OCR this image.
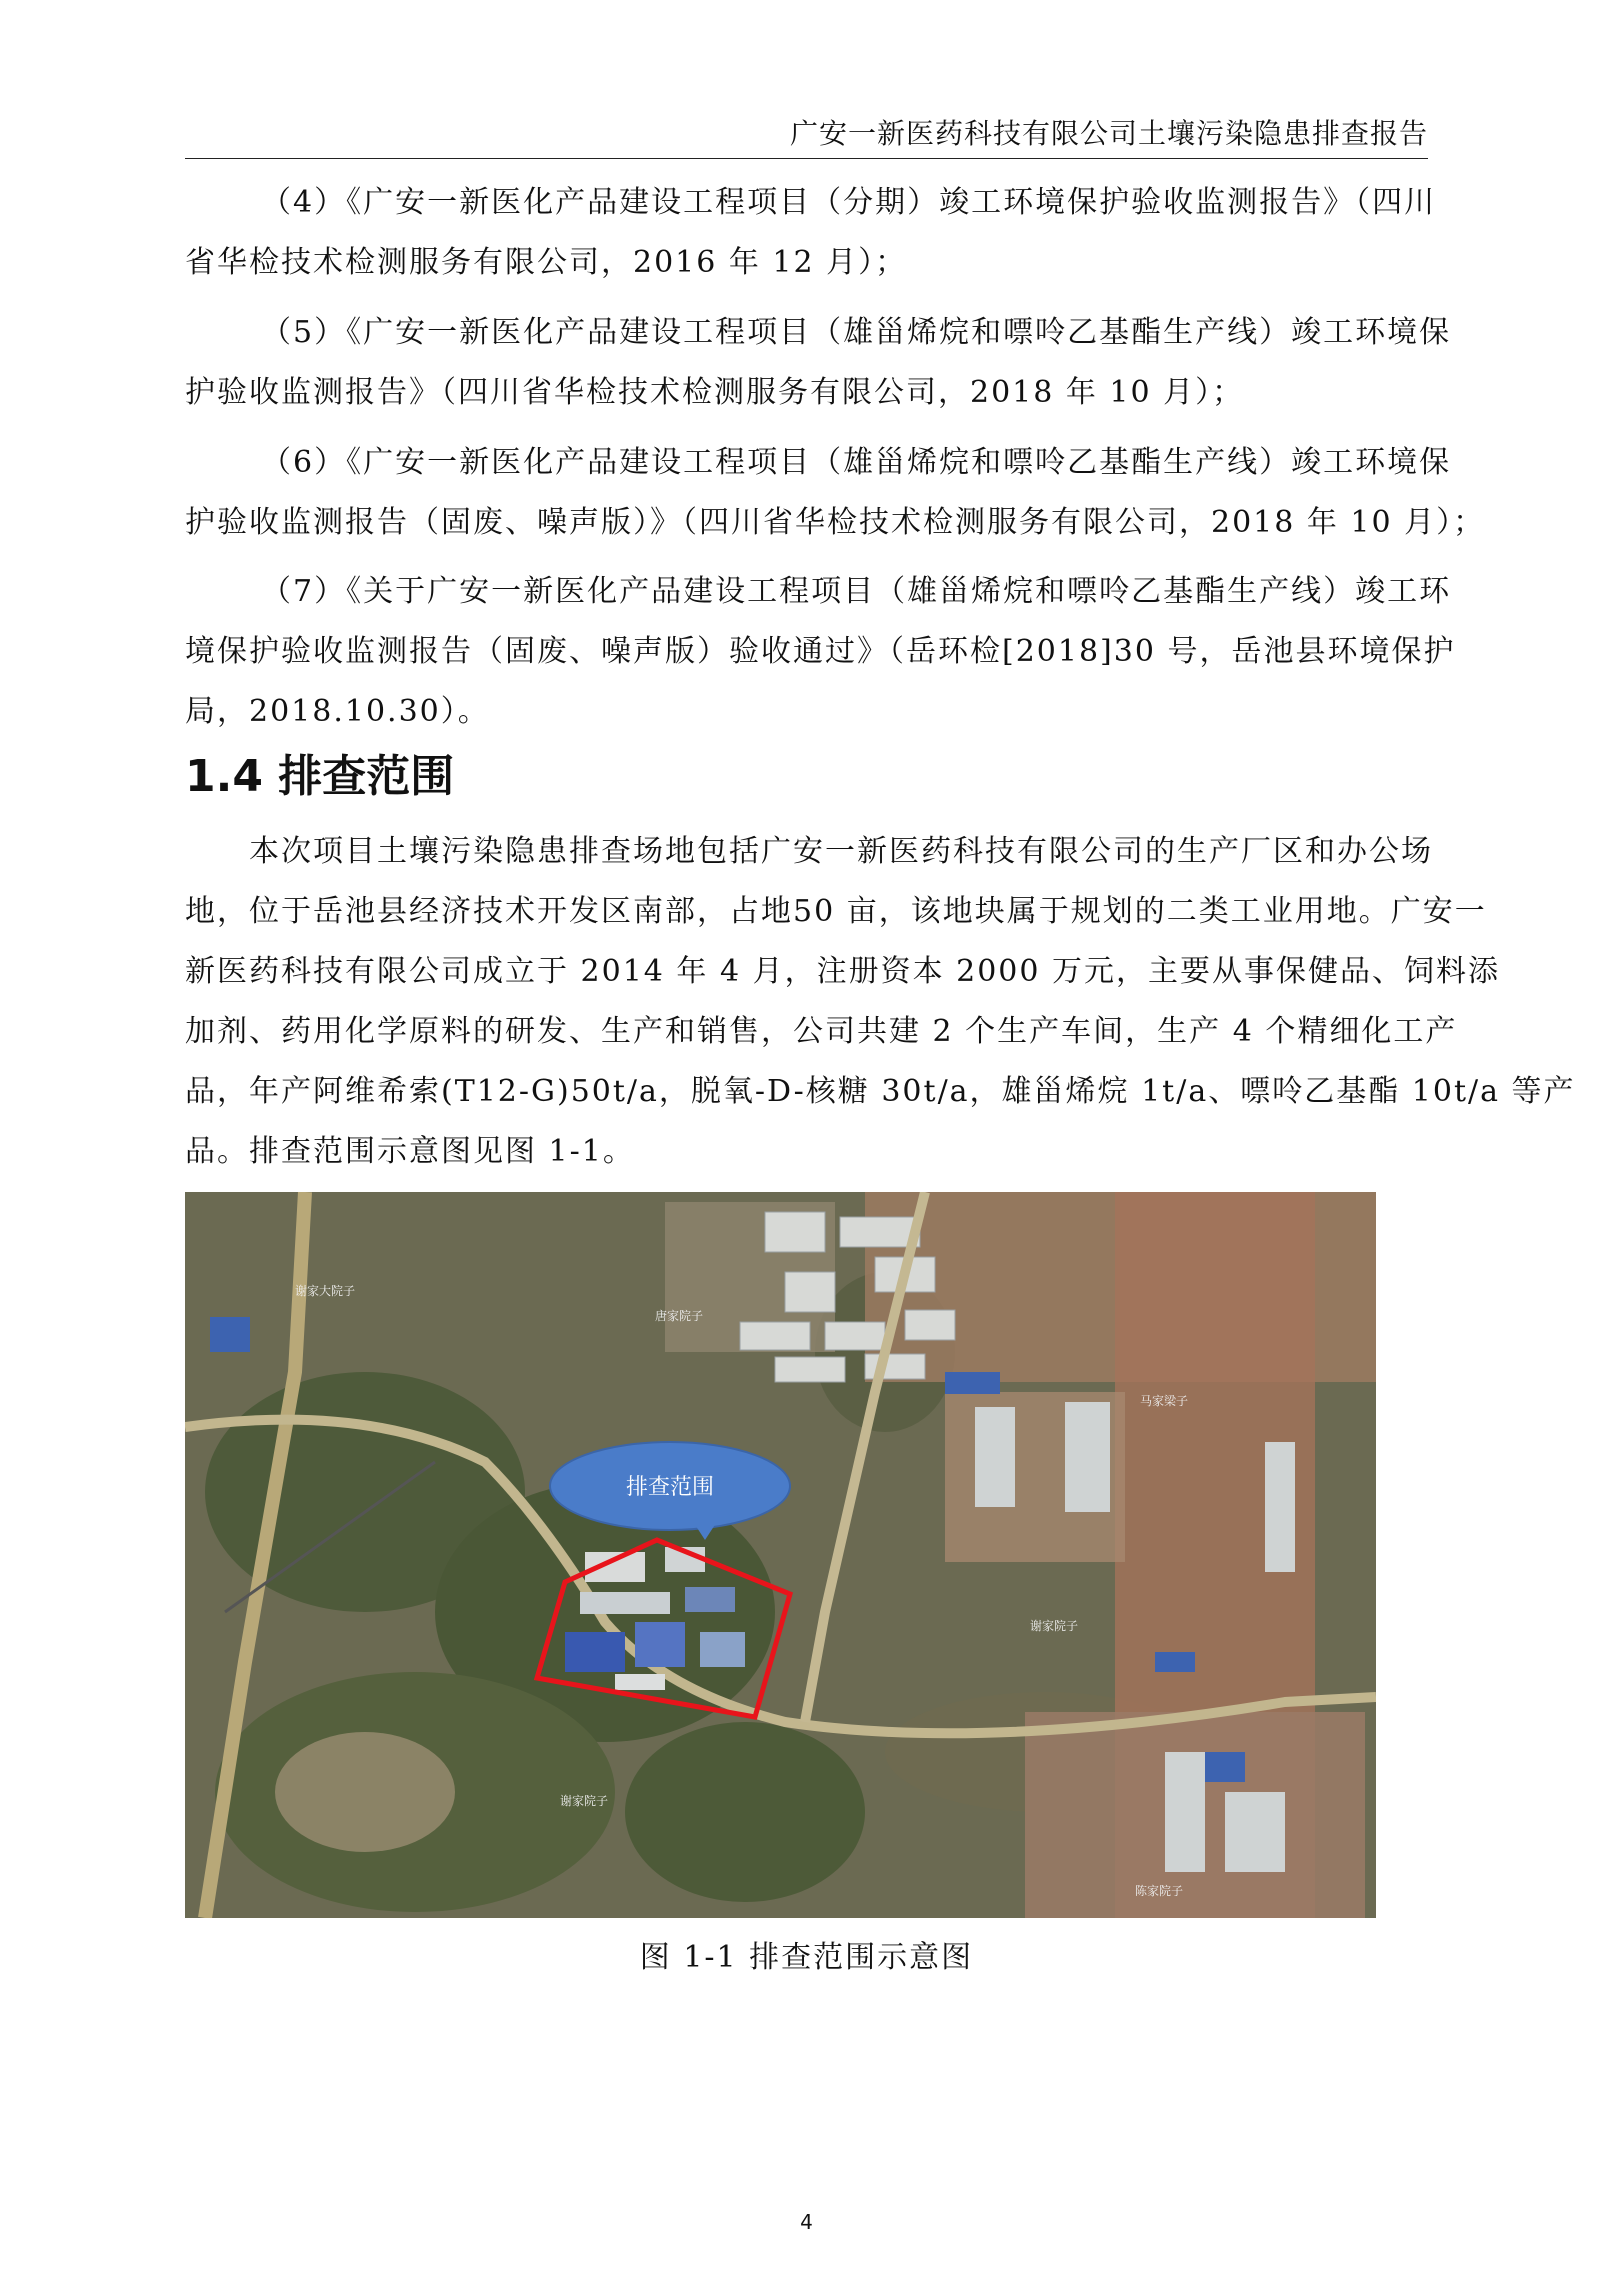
广安一新医药科技有限公司土壤污染隐患排查报告
（4）《广安一新医化产品建设工程项目（分期）竣工环境保护验收监测报告》（四川
省华检技术检测服务有限公司，2016 年 12 月）；
（5）《广安一新医化产品建设工程项目（雄甾烯烷和嘌呤乙基酯生产线）竣工环境保
护验收监测报告》（四川省华检技术检测服务有限公司，2018 年 10 月）；
（6）《广安一新医化产品建设工程项目（雄甾烯烷和嘌呤乙基酯生产线）竣工环境保
护验收监测报告（固废、噪声版）》（四川省华检技术检测服务有限公司，2018 年 10 月）；
（7）《关于广安一新医化产品建设工程项目（雄甾烯烷和嘌呤乙基酯生产线）竣工环
境保护验收监测报告（固废、噪声版）验收通过》（岳环检[2018]30 号，岳池县环境保护
局，2018.10.30）。
1.4 排查范围
本次项目土壤污染隐患排查场地包括广安一新医药科技有限公司的生产厂区和办公场
地，位于岳池县经济技术开发区南部，占地50 亩，该地块属于规划的二类工业用地。广安一
新医药科技有限公司成立于 2014 年 4 月，注册资本 2000 万元，主要从事保健品、饲料添
加剂、药用化学原料的研发、生产和销售，公司共建 2 个生产车间，生产 4 个精细化工产
品，年产阿维希索(T12-G)50t/a，脱氧-D-核糖 30t/a，雄甾烯烷 1t/a、嘌呤乙基酯 10t/a 等产
品。排查范围示意图见图 1-1。
排查范围
谢家大院子
唐家院子
马家梁子
谢家院子
谢家院子
陈家院子
图 1-1 排查范围示意图
4
